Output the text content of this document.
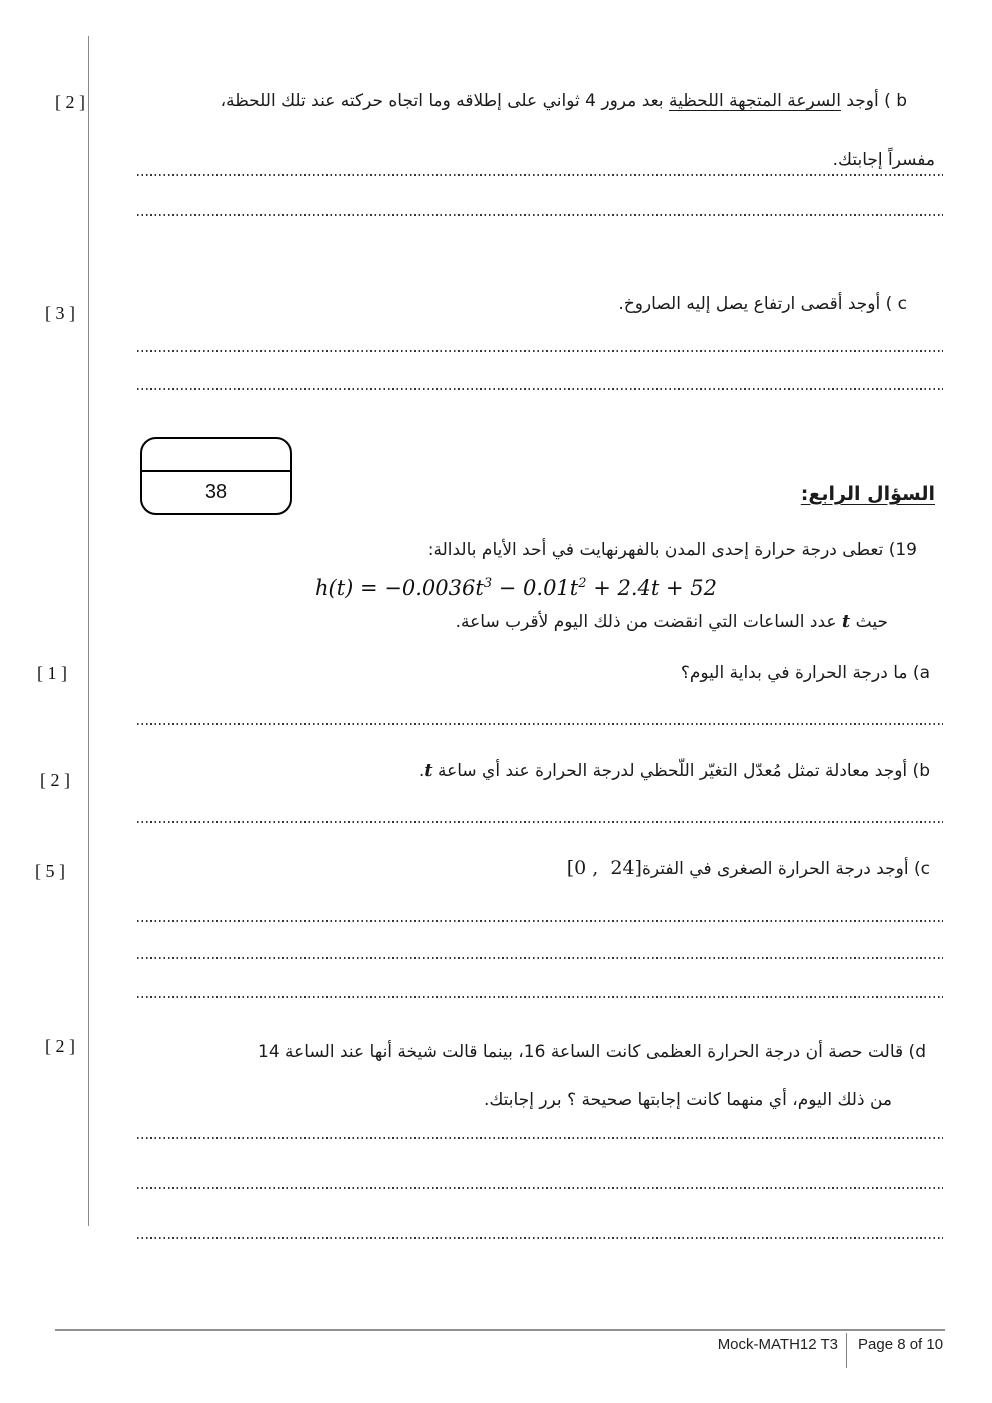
[ 2 ]
[ 3 ]
[ 1 ]
[ 2 ]
[ 5 ]
[ 2 ]
b ) أوجد السرعة المتجهة اللحظية بعد مرور 4 ثواني على إطلاقه وما اتجاه حركته عند تلك اللحظة،
مفسراً إجابتك.
c ) أوجد أقصى ارتفاع يصل إليه الصاروخ.
38	السؤال الرابع:
19) تعطى درجة حرارة إحدى المدن بالفهرنهايت في أحد الأيام بالدالة:
$h(t) = -0.0036t^3 - 0.01t^2 + 2.4t + 52$
حيث t عدد الساعات التي انقضت من ذلك اليوم لأقرب ساعة.
a) ما درجة الحرارة في بداية اليوم؟
b) أوجد معادلة تمثل مُعدّل التغيّر اللّحظي لدرجة الحرارة عند أي ساعة t.
c) أوجد درجة الحرارة الصغرى في الفترة[0 ,  24]
d) قالت حصة أن درجة الحرارة العظمى كانت الساعة 16، بينما قالت شيخة أنها عند الساعة 14
من ذلك اليوم، أي منهما كانت إجابتها صحيحة ؟ برر إجابتك.
Mock-MATH12 T3 Page 8 of 10
